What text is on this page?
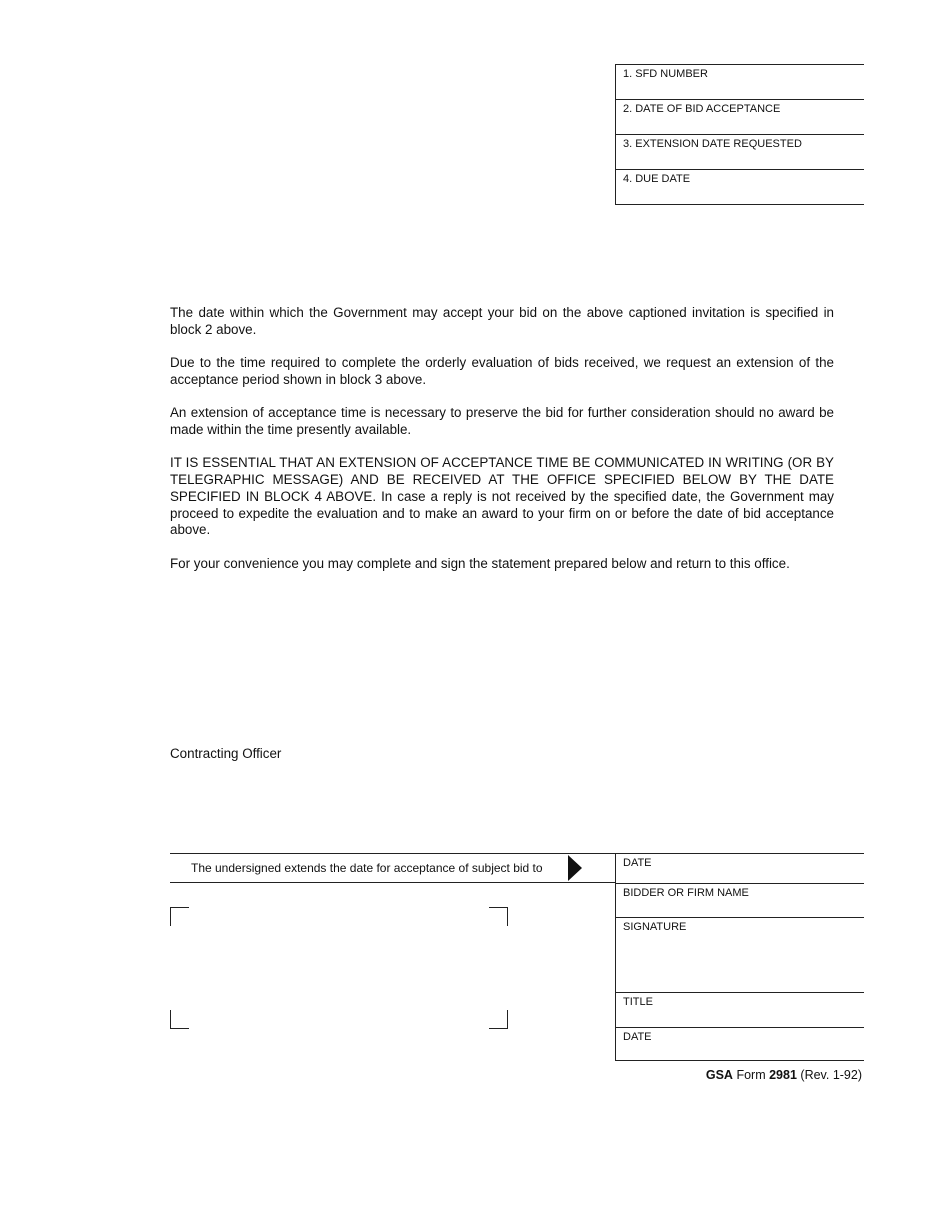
1. SFD NUMBER
2. DATE OF BID ACCEPTANCE
3. EXTENSION DATE REQUESTED
4. DUE DATE

The date within which the Government may accept your bid on the above captioned invitation is specified in block 2 above.

Due to the time required to complete the orderly evaluation of bids received, we request an extension of the acceptance period shown in block 3 above.

An extension of acceptance time is necessary to preserve the bid for further consideration should no award be made within the time presently available.

IT IS ESSENTIAL THAT AN EXTENSION OF ACCEPTANCE TIME BE COMMUNICATED IN WRITING (OR BY TELEGRAPHIC MESSAGE) AND BE RECEIVED AT THE OFFICE SPECIFIED BELOW BY THE DATE SPECIFIED IN BLOCK 4 ABOVE. In case a reply is not received by the specified date, the Government may proceed to expedite the evaluation and to make an award to your firm on or before the date of bid acceptance above.

For your convenience you may complete and sign the statement prepared below and return to this office.

Contracting Officer
The undersigned extends the date for acceptance of subject bid to	DATE
BIDDER OR FIRM NAME
SIGNATURE
TITLE
DATE
GSA Form 2981 (Rev. 1-92)
